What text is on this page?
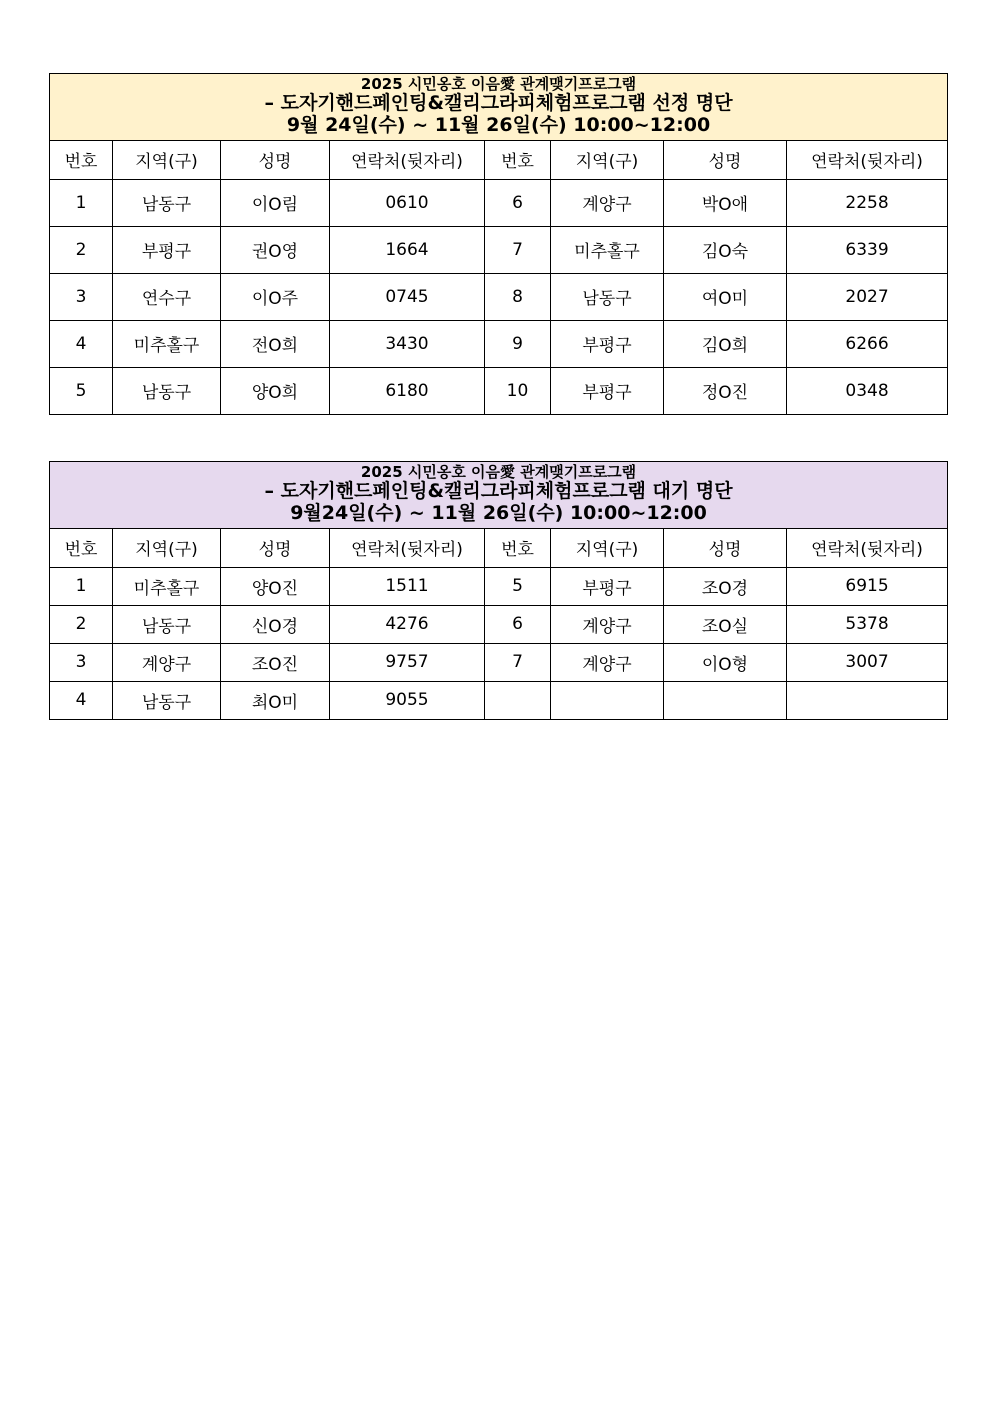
2025 시민옹호 이음愛 관계맺기프로그램
– 도자기핸드페인팅&캘리그라피체험프로그램 선정 명단
9월 24일(수) ~ 11월 26일(수) 10:00~12:00							

번호	지역(구)	성명	연락처(뒷자리)	번호	지역(구)	성명	연락처(뒷자리)
1	남동구	이O림	0610	6	계양구	박O애	2258
2	부평구	권O영	1664	7	미추홀구	김O숙	6339
3	연수구	이O주	0745	8	남동구	여O미	2027
4	미추홀구	전O희	3430	9	부평구	김O희	6266
5	남동구	양O희	6180	10	부평구	정O진	0348
2025 시민옹호 이음愛 관계맺기프로그램
– 도자기핸드페인팅&캘리그라피체험프로그램 대기 명단
9월24일(수) ~ 11월 26일(수) 10:00~12:00							

번호	지역(구)	성명	연락처(뒷자리)	번호	지역(구)	성명	연락처(뒷자리)
1	미추홀구	양O진	1511	5	부평구	조O경	6915
2	남동구	신O경	4276	6	계양구	조O실	5378
3	계양구	조O진	9757	7	계양구	이O형	3007
4	남동구	최O미	9055				
